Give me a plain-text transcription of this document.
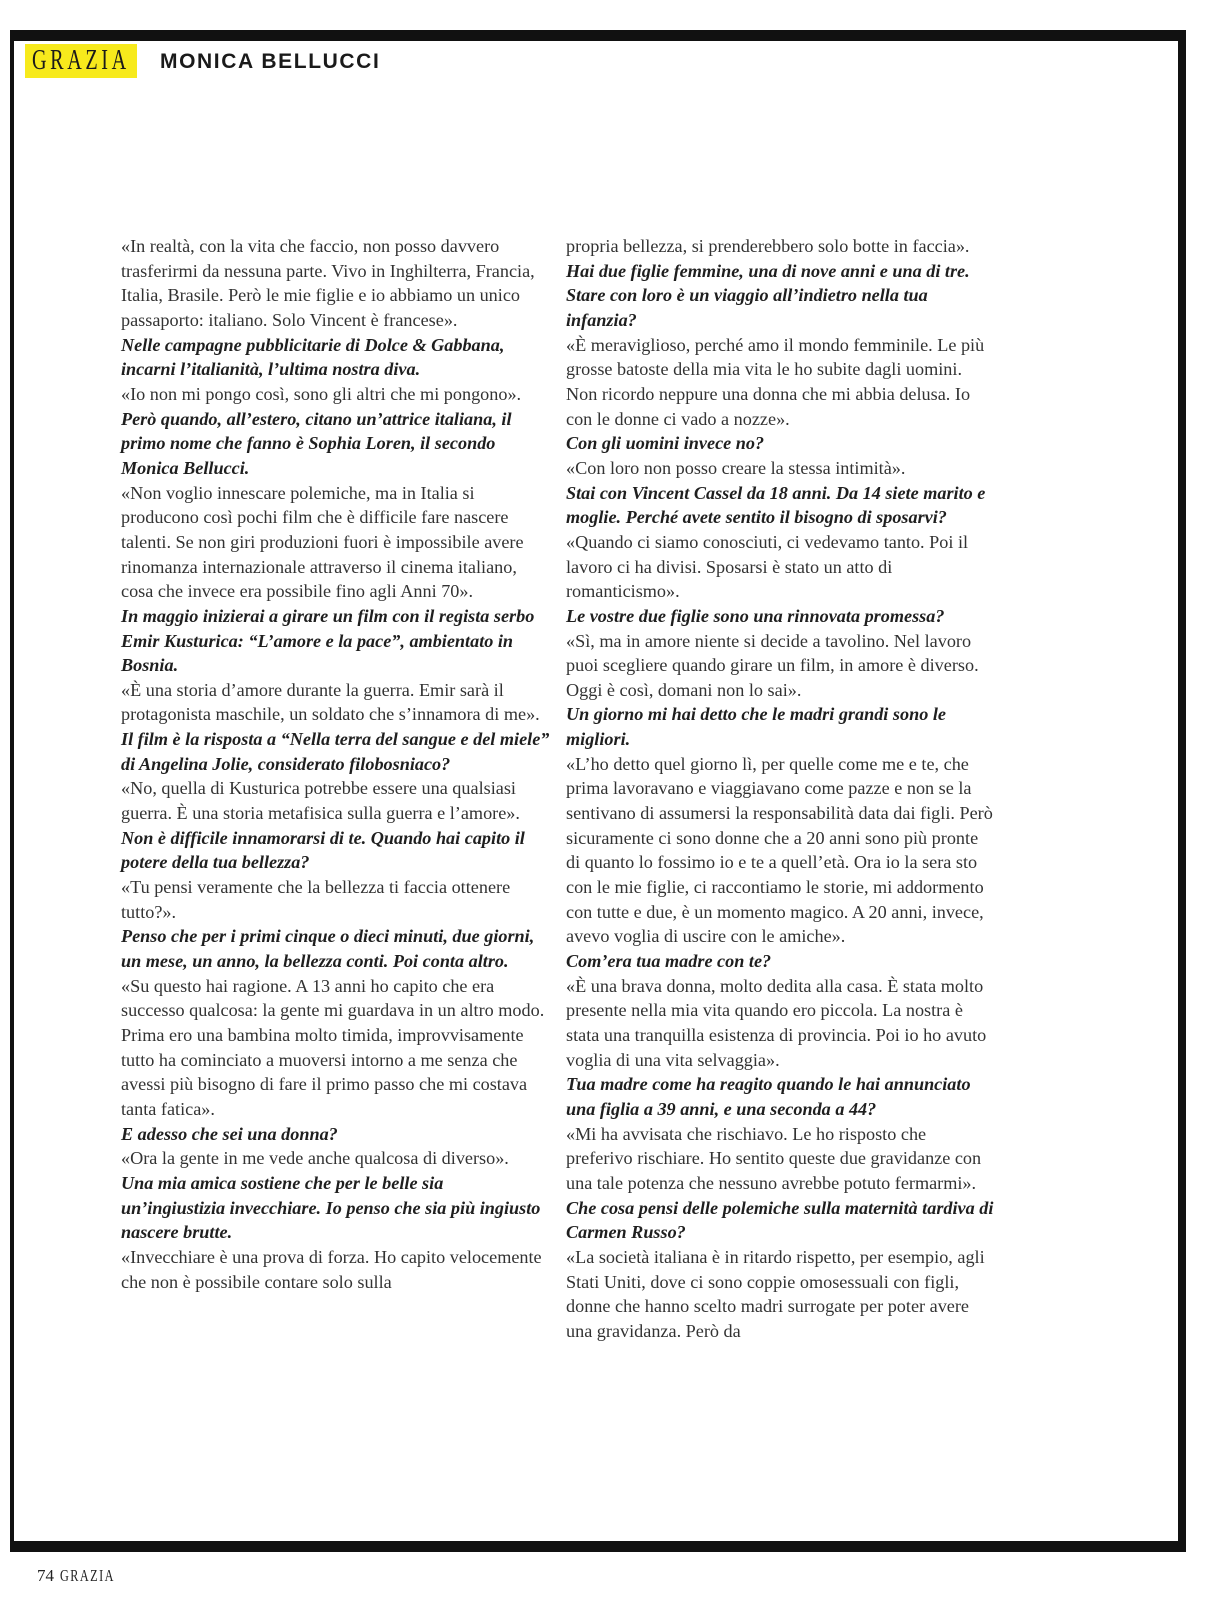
GRAZIA MONICA BELLUCCI

«In realtà, con la vita che faccio, non posso davvero trasferirmi da nessuna parte. Vivo in Inghilterra, Francia, Italia, Brasile. Però le mie figlie e io abbiamo un unico passaporto: italiano. Solo Vincent è francese».

Nelle campagne pubblicitarie di Dolce & Gabbana, incarni l’italianità, l’ultima nostra diva.

«Io non mi pongo così, sono gli altri che mi pongono».

Però quando, all’estero, citano un’attrice italiana, il primo nome che fanno è Sophia Loren, il secondo Monica Bellucci.

«Non voglio innescare polemiche, ma in Italia si producono così pochi film che è difficile fare nascere talenti. Se non giri produzioni fuori è impossibile avere rinomanza internazionale attraverso il cinema italiano, cosa che invece era possibile fino agli Anni 70».

In maggio inizierai a girare un film con il regista serbo Emir Kusturica: “L’amore e la pace”, ambientato in Bosnia.

«È una storia d’amore durante la guerra. Emir sarà il protagonista maschile, un soldato che s’innamora di me».

Il film è la risposta a “Nella terra del sangue e del miele” di Angelina Jolie, considerato filobosniaco?

«No, quella di Kusturica potrebbe essere una qualsiasi guerra. È una storia metafisica sulla guerra e l’amore».

Non è difficile innamorarsi di te. Quando hai capito il potere della tua bellezza?

«Tu pensi veramente che la bellezza ti faccia ottenere tutto?».

Penso che per i primi cinque o dieci minuti, due giorni, un mese, un anno, la bellezza conti. Poi conta altro.

«Su questo hai ragione. A 13 anni ho capito che era successo qualcosa: la gente mi guardava in un altro modo. Prima ero una bambina molto timida, improvvisamente tutto ha cominciato a muoversi intorno a me senza che avessi più bisogno di fare il primo passo che mi costava tanta fatica».

E adesso che sei una donna?

«Ora la gente in me vede anche qualcosa di diverso».

Una mia amica sostiene che per le belle sia un’ingiustizia invecchiare. Io penso che sia più ingiusto nascere brutte.

«Invecchiare è una prova di forza. Ho capito velocemente che non è possibile contare solo sulla

propria bellezza, si prenderebbero solo botte in faccia».

Hai due figlie femmine, una di nove anni e una di tre. Stare con loro è un viaggio all’indietro nella tua infanzia?

«È meraviglioso, perché amo il mondo femminile. Le più grosse batoste della mia vita le ho subite dagli uomini. Non ricordo neppure una donna che mi abbia delusa. Io con le donne ci vado a nozze».

Con gli uomini invece no?

«Con loro non posso creare la stessa intimità».

Stai con Vincent Cassel da 18 anni. Da 14 siete marito e moglie. Perché avete sentito il bisogno di sposarvi?

«Quando ci siamo conosciuti, ci vedevamo tanto. Poi il lavoro ci ha divisi. Sposarsi è stato un atto di romanticismo».

Le vostre due figlie sono una rinnovata promessa?

«Sì, ma in amore niente si decide a tavolino. Nel lavoro puoi scegliere quando girare un film, in amore è diverso. Oggi è così, domani non lo sai».

Un giorno mi hai detto che le madri grandi sono le migliori.

«L’ho detto quel giorno lì, per quelle come me e te, che prima lavoravano e viaggiavano come pazze e non se la sentivano di assumersi la responsabilità data dai figli. Però sicuramente ci sono donne che a 20 anni sono più pronte di quanto lo fossimo io e te a quell’età. Ora io la sera sto con le mie figlie, ci raccontiamo le storie, mi addormento con tutte e due, è un momento magico. A 20 anni, invece, avevo voglia di uscire con le amiche».

Com’era tua madre con te?

«È una brava donna, molto dedita alla casa. È stata molto presente nella mia vita quando ero piccola. La nostra è stata una tranquilla esistenza di provincia. Poi io ho avuto voglia di una vita selvaggia».

Tua madre come ha reagito quando le hai annunciato una figlia a 39 anni, e una seconda a 44?

«Mi ha avvisata che rischiavo. Le ho risposto che preferivo rischiare. Ho sentito queste due gravidanze con una tale potenza che nessuno avrebbe potuto fermarmi».

Che cosa pensi delle polemiche sulla maternità tardiva di Carmen Russo?

«La società italiana è in ritardo rispetto, per esempio, agli Stati Uniti, dove ci sono coppie omosessuali con figli, donne che hanno scelto madri surrogate per poter avere una gravidanza. Però da

74 GRAZIA
